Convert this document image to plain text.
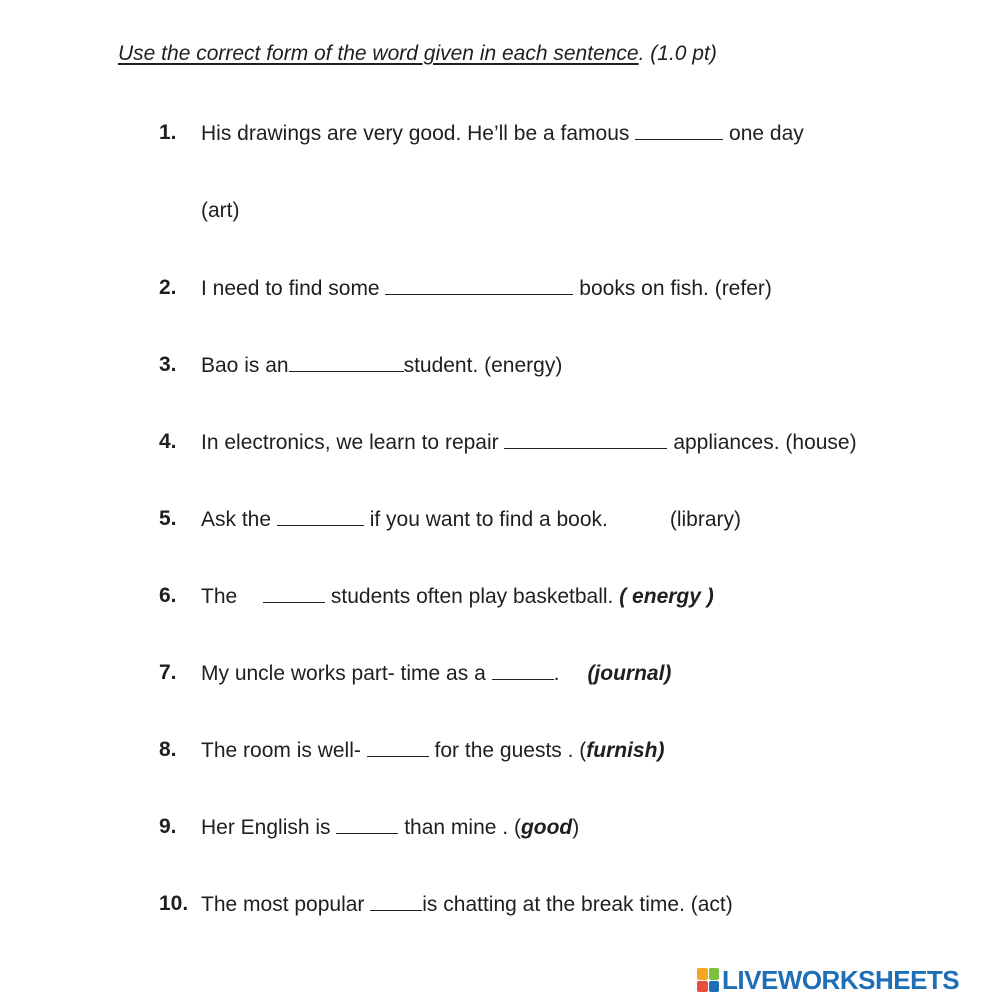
Use the correct form of the word given in each sentence. (1.0 pt)
1. His drawings are very good. He’ll be a famous	one day
(art)
2. I need to find some	books on fish. (refer)
3. Bao is an	student. (energy)
4. In electronics, we learn to repair	appliances. (house)
5. Ask the	if you want to find a book.	(library)
6. The	students often play basketball. ( energy )
7. My uncle works part- time as a	. (journal)
8. The room is well-	for the guests . (furnish)
9. Her English is	than mine . (good)
10. The most popular is chatting at the break time. (act)
LIVEWORKSHEETS
